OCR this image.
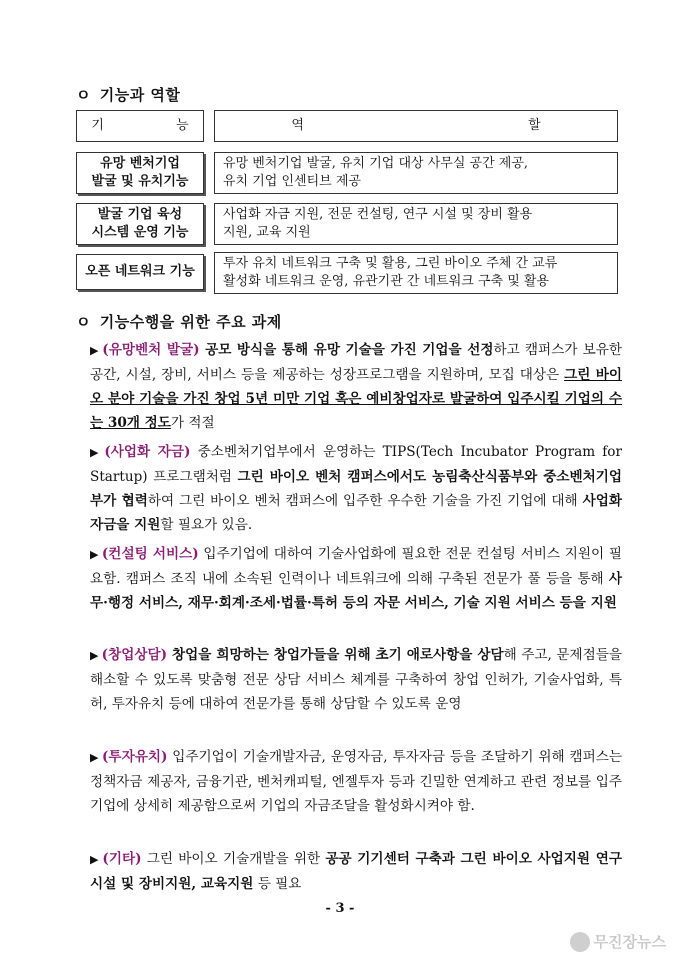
ㅇ 기능과 역할
기 능	역 할
유망 벤처기업
발굴 및 유치기능
유망 벤처기업 발굴, 유치 기업 대상 사무실 공간 제공,
유치 기업 인센티브 제공
발굴 기업 육성
시스템 운영 기능
사업화 자금 지원, 전문 컨설팅, 연구 시설 및 장비 활용
지원, 교육 지원
오픈 네트워크 기능
투자 유치 네트워크 구축 및 활용, 그린 바이오 주체 간 교류
활성화 네트워크 운영, 유관기관 간 네트워크 구축 및 활용
ㅇ 기능수행을 위한 주요 과제
▶ (유망벤처 발굴) 공모 방식을 통해 유망 기술을 가진 기업을 선정하고 캠퍼스가 보유한 공간, 시설, 장비, 서비스 등을 제공하는 성장프로그램을 지원하며, 모집 대상은 그린 바이오 분야 기술을 가진 창업 5년 미만 기업 혹은 예비창업자로 발굴하여 입주시킬 기업의 수는 30개 정도가 적절
▶ (사업화 자금) 중소벤처기업부에서 운영하는 TIPS(Tech Incubator Program for Startup) 프로그램처럼 그린 바이오 벤처 캠퍼스에서도 농림축산식품부와 중소벤처기업부가 협력하여 그린 바이오 벤처 캠퍼스에 입주한 우수한 기술을 가진 기업에 대해 사업화 자금을 지원할 필요가 있음.
▶ (컨설팅 서비스) 입주기업에 대하여 기술사업화에 필요한 전문 컨설팅 서비스 지원이 필요함. 캠퍼스 조직 내에 소속된 인력이나 네트워크에 의해 구축된 전문가 풀 등을 통해 사무·행정 서비스, 재무·회계·조세·법률·특허 등의 자문 서비스, 기술 지원 서비스 등을 지원
▶ (창업상담) 창업을 희망하는 창업가들을 위해 초기 애로사항을 상담해 주고, 문제점들을 해소할 수 있도록 맞춤형 전문 상담 서비스 체계를 구축하여 창업 인허가, 기술사업화, 특허, 투자유치 등에 대하여 전문가를 통해 상담할 수 있도록 운영
▶ (투자유치) 입주기업이 기술개발자금, 운영자금, 투자자금 등을 조달하기 위해 캠퍼스는 정책자금 제공자, 금융기관, 벤처캐피털, 엔젤투자 등과 긴밀한 연계하고 관련 정보를 입주기업에 상세히 제공함으로써 기업의 자금조달을 활성화시켜야 함.
▶ (기타) 그린 바이오 기술개발을 위한 공공 기기센터 구축과 그린 바이오 사업지원 연구시설 및 장비지원, 교육지원 등 필요
- 3 -
무진장뉴스
